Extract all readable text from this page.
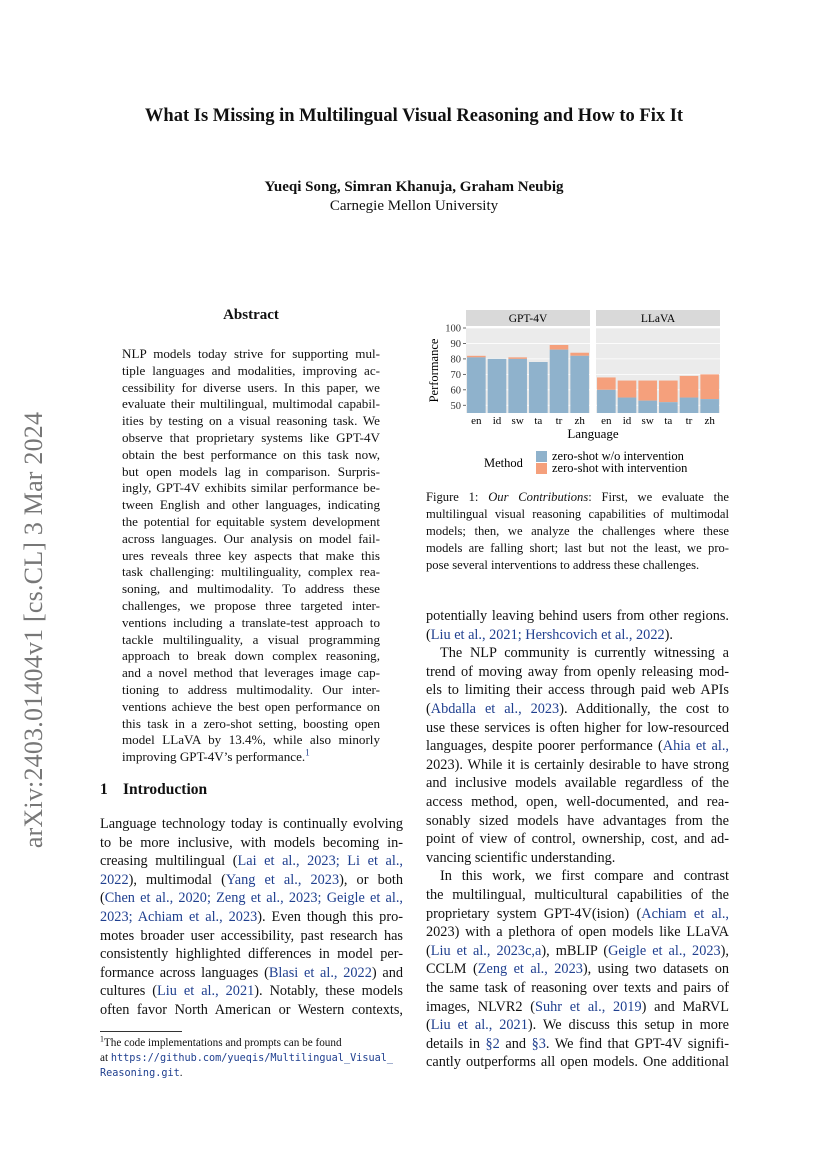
arXiv:2403.01404v1 [cs.CL] 3 Mar 2024
What Is Missing in Multilingual Visual Reasoning and How to Fix It
Yueqi Song, Simran Khanuja, Graham Neubig
Carnegie Mellon University
Abstract
NLP models today strive for supporting mul-
tiple languages and modalities, improving ac-
cessibility for diverse users. In this paper, we
evaluate their multilingual, multimodal capabil-
ities by testing on a visual reasoning task. We
observe that proprietary systems like GPT-4V
obtain the best performance on this task now,
but open models lag in comparison. Surpris-
ingly, GPT-4V exhibits similar performance be-
tween English and other languages, indicating
the potential for equitable system development
across languages. Our analysis on model fail-
ures reveals three key aspects that make this
task challenging: multilinguality, complex rea-
soning, and multimodality. To address these
challenges, we propose three targeted inter-
ventions including a translate-test approach to
tackle multilinguality, a visual programming
approach to break down complex reasoning,
and a novel method that leverages image cap-
tioning to address multimodality. Our inter-
ventions achieve the best open performance on
this task in a zero-shot setting, boosting open
model LLaVA by 13.4%, while also minorly
improving GPT-4V’s performance.$^1$
1 Introduction
Language technology today is continually evolving
to be more inclusive, with models becoming in-
creasing multilingual (Lai et al., 2023; Li et al.,
2022), multimodal (Yang et al., 2023), or both
(Chen et al., 2020; Zeng et al., 2023; Geigle et al.,
2023; Achiam et al., 2023). Even though this pro-
motes broader user accessibility, past research has
consistently highlighted differences in model per-
formance across languages (Blasi et al., 2022) and
cultures (Liu et al., 2021). Notably, these models
often favor North American or Western contexts,
$^1$The code implementations and prompts can be found
at https://github.com/yueqis/Multilingual_Visual_
Reasoning.git.
Performance
GPT-4V
en id sw ta tr zh
LLaVA
en id sw ta tr zh
50
60
70
80
90
100
Language
Method zero-shot w/o intervention
zero-shot with intervention
Figure 1: Our Contributions: First, we evaluate the
multilingual visual reasoning capabilities of multimodal
models; then, we analyze the challenges where these
models are falling short; last but not the least, we pro-
pose several interventions to address these challenges.
potentially leaving behind users from other regions.
(Liu et al., 2021; Hershcovich et al., 2022).
The NLP community is currently witnessing a
trend of moving away from openly releasing mod-
els to limiting their access through paid web APIs
(Abdalla et al., 2023). Additionally, the cost to
use these services is often higher for low-resourced
languages, despite poorer performance (Ahia et al.,
2023). While it is certainly desirable to have strong
and inclusive models available regardless of the
access method, open, well-documented, and rea-
sonably sized models have advantages from the
point of view of control, ownership, cost, and ad-
vancing scientific understanding.
In this work, we first compare and contrast
the multilingual, multicultural capabilities of the
proprietary system GPT-4V(ision) (Achiam et al.,
2023) with a plethora of open models like LLaVA
(Liu et al., 2023c,a), mBLIP (Geigle et al., 2023),
CCLM (Zeng et al., 2023), using two datasets on
the same task of reasoning over texts and pairs of
images, NLVR2 (Suhr et al., 2019) and MaRVL
(Liu et al., 2021). We discuss this setup in more
details in §2 and §3. We find that GPT-4V signifi-
cantly outperforms all open models. One additional
